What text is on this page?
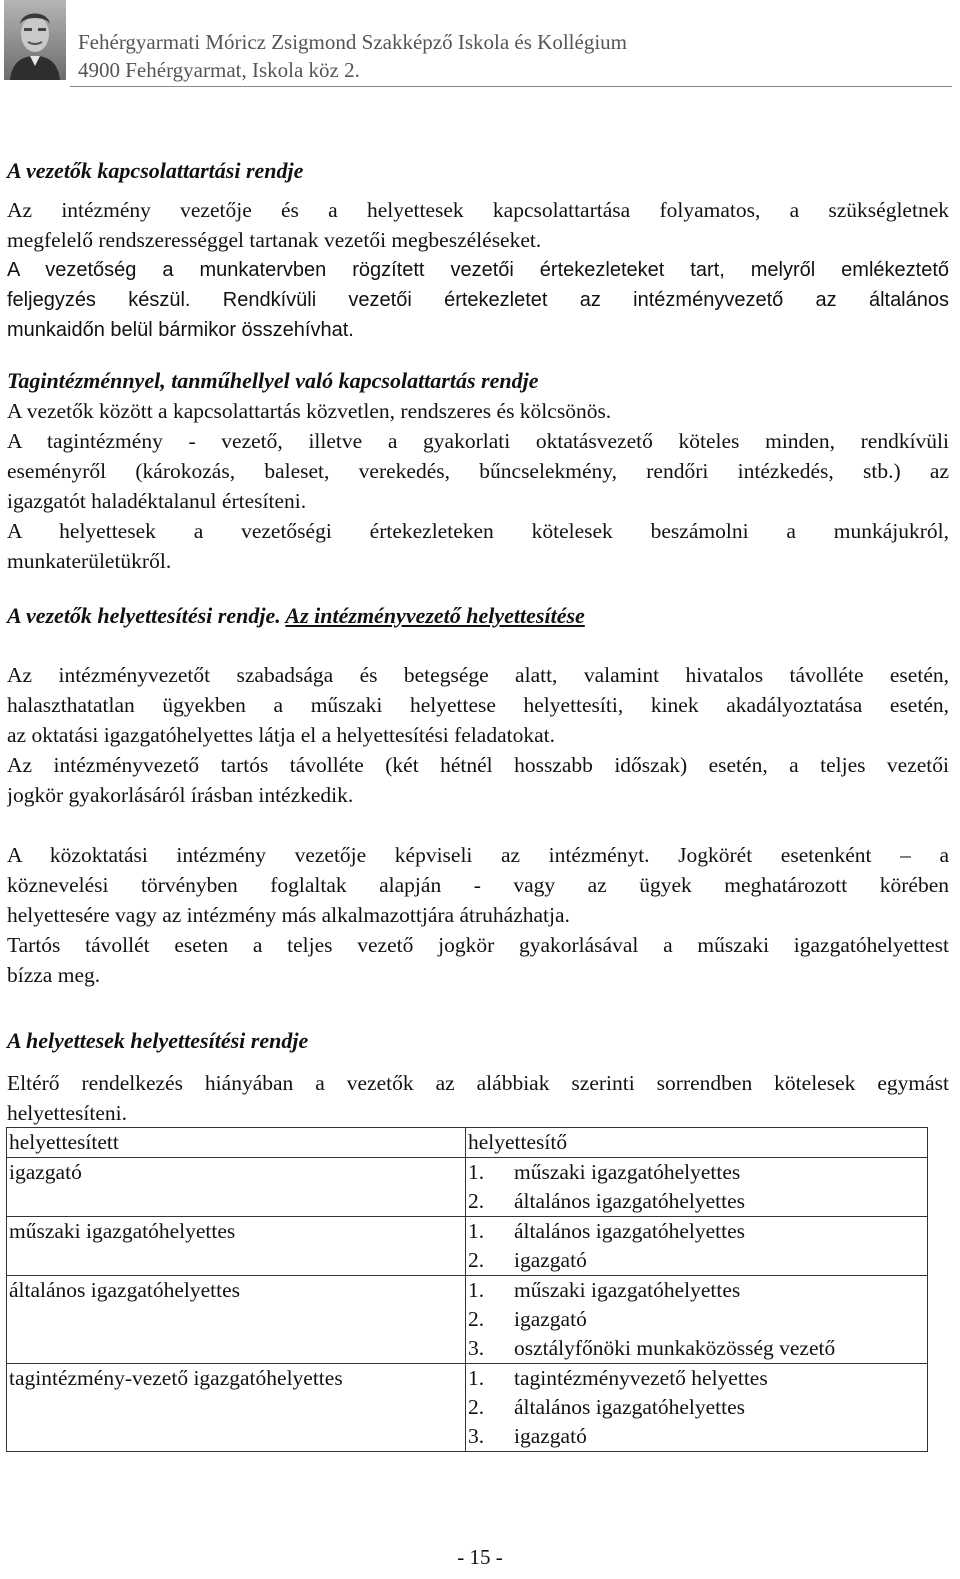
Fehérgyarmati Móricz Zsigmond Szakképző Iskola és Kollégium
4900 Fehérgyarmat, Iskola köz 2.
A vezetők kapcsolattartási rendje
Az intézmény vezetője és a helyettesek kapcsolattartása folyamatos, a szükségletnek
megfelelő rendszerességgel tartanak vezetői megbeszéléseket.
A vezetőség a munkatervben rögzített vezetői értekezleteket tart, melyről emlékeztető
feljegyzés készül. Rendkívüli vezetői értekezletet az intézményvezető az általános
munkaidőn belül bármikor összehívhat.
Tagintézménnyel, tanműhellyel való kapcsolattartás rendje
A vezetők között a kapcsolattartás közvetlen, rendszeres és kölcsönös.
A tagintézmény ‐ vezető, illetve a gyakorlati oktatásvezető köteles minden, rendkívüli
eseményről (károkozás, baleset, verekedés, bűncselekmény, rendőri intézkedés, stb.) az
igazgatót haladéktalanul értesíteni.
A helyettesek a vezetőségi értekezleteken kötelesek beszámolni a munkájukról,
munkaterületükről.
A vezetők helyettesítési rendje. Az intézményvezető helyettesítése
Az intézményvezetőt szabadsága és betegsége alatt, valamint hivatalos távolléte esetén,
halaszthatatlan ügyekben a műszaki helyettese helyettesíti, kinek akadályoztatása esetén,
az oktatási igazgatóhelyettes látja el a helyettesítési feladatokat.
Az intézményvezető tartós távolléte (két hétnél hosszabb időszak) esetén, a teljes vezetői
jogkör gyakorlásáról írásban intézkedik.
A közoktatási intézmény vezetője képviseli az intézményt. Jogkörét esetenként – a
köznevelési törvényben foglaltak alapján - vagy az ügyek meghatározott körében
helyettesére vagy az intézmény más alkalmazottjára átruházhatja.
Tartós távollét eseten a teljes vezető jogkör gyakorlásával a műszaki igazgatóhelyettest
bízza meg.
A helyettesek helyettesítési rendje
Eltérő rendelkezés hiányában a vezetők az alábbiak szerinti sorrendben kötelesek egymást
helyettesíteni.
helyettesített	helyettesítő
igazgató	1. műszaki igazgatóhelyettes
2. általános igazgatóhelyettes

műszaki igazgatóhelyettes	1. általános igazgatóhelyettes
2. igazgató

általános igazgatóhelyettes	1. műszaki igazgatóhelyettes
2. igazgató
3. osztályfőnöki munkaközösség vezető

tagintézmény-vezető igazgatóhelyettes	1. tagintézményvezető helyettes
2. általános igazgatóhelyettes
3. igazgató
- 15 -
